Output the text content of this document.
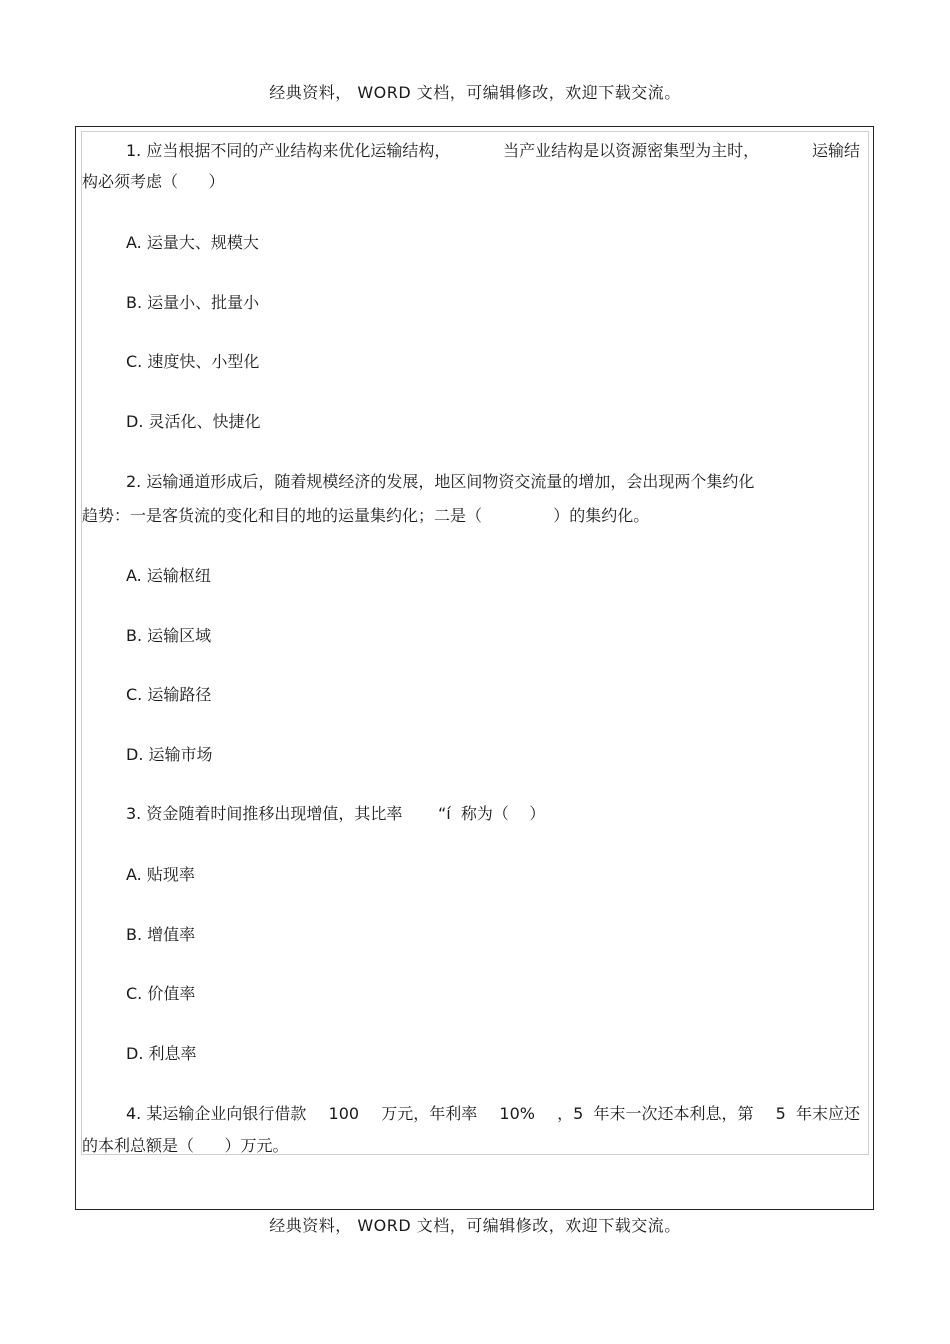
经典资料， WORD 文档，可编辑修改，欢迎下载交流。
1. 应当根据不同的产业结构来优化运输结构，	当产业结构是以资源密集型为主时，	运输结
构必须考虑（      ）
A. 运量大、规模大
B. 运量小、批量小
C. 速度快、小型化
D. 灵活化、快捷化
2. 运输通道形成后，随着规模经济的发展，地区间物资交流量的增加，会出现两个集约化
趋势：一是客货流的变化和目的地的运量集约化；二是（              ）的集约化。
A. 运输枢纽
B. 运输区域
C. 运输路径
D. 运输市场
3. 资金随着时间推移出现增值，其比率       “í  称为（    ）
A. 贴现率
B. 增值率
C. 价值率
D. 利息率
4. 某运输企业向银行借款 100 万元，年利率 10% ，5  年末一次还本利息，第 5  年末应还
的本利总额是（      ）万元。
经典资料， WORD 文档，可编辑修改，欢迎下载交流。
